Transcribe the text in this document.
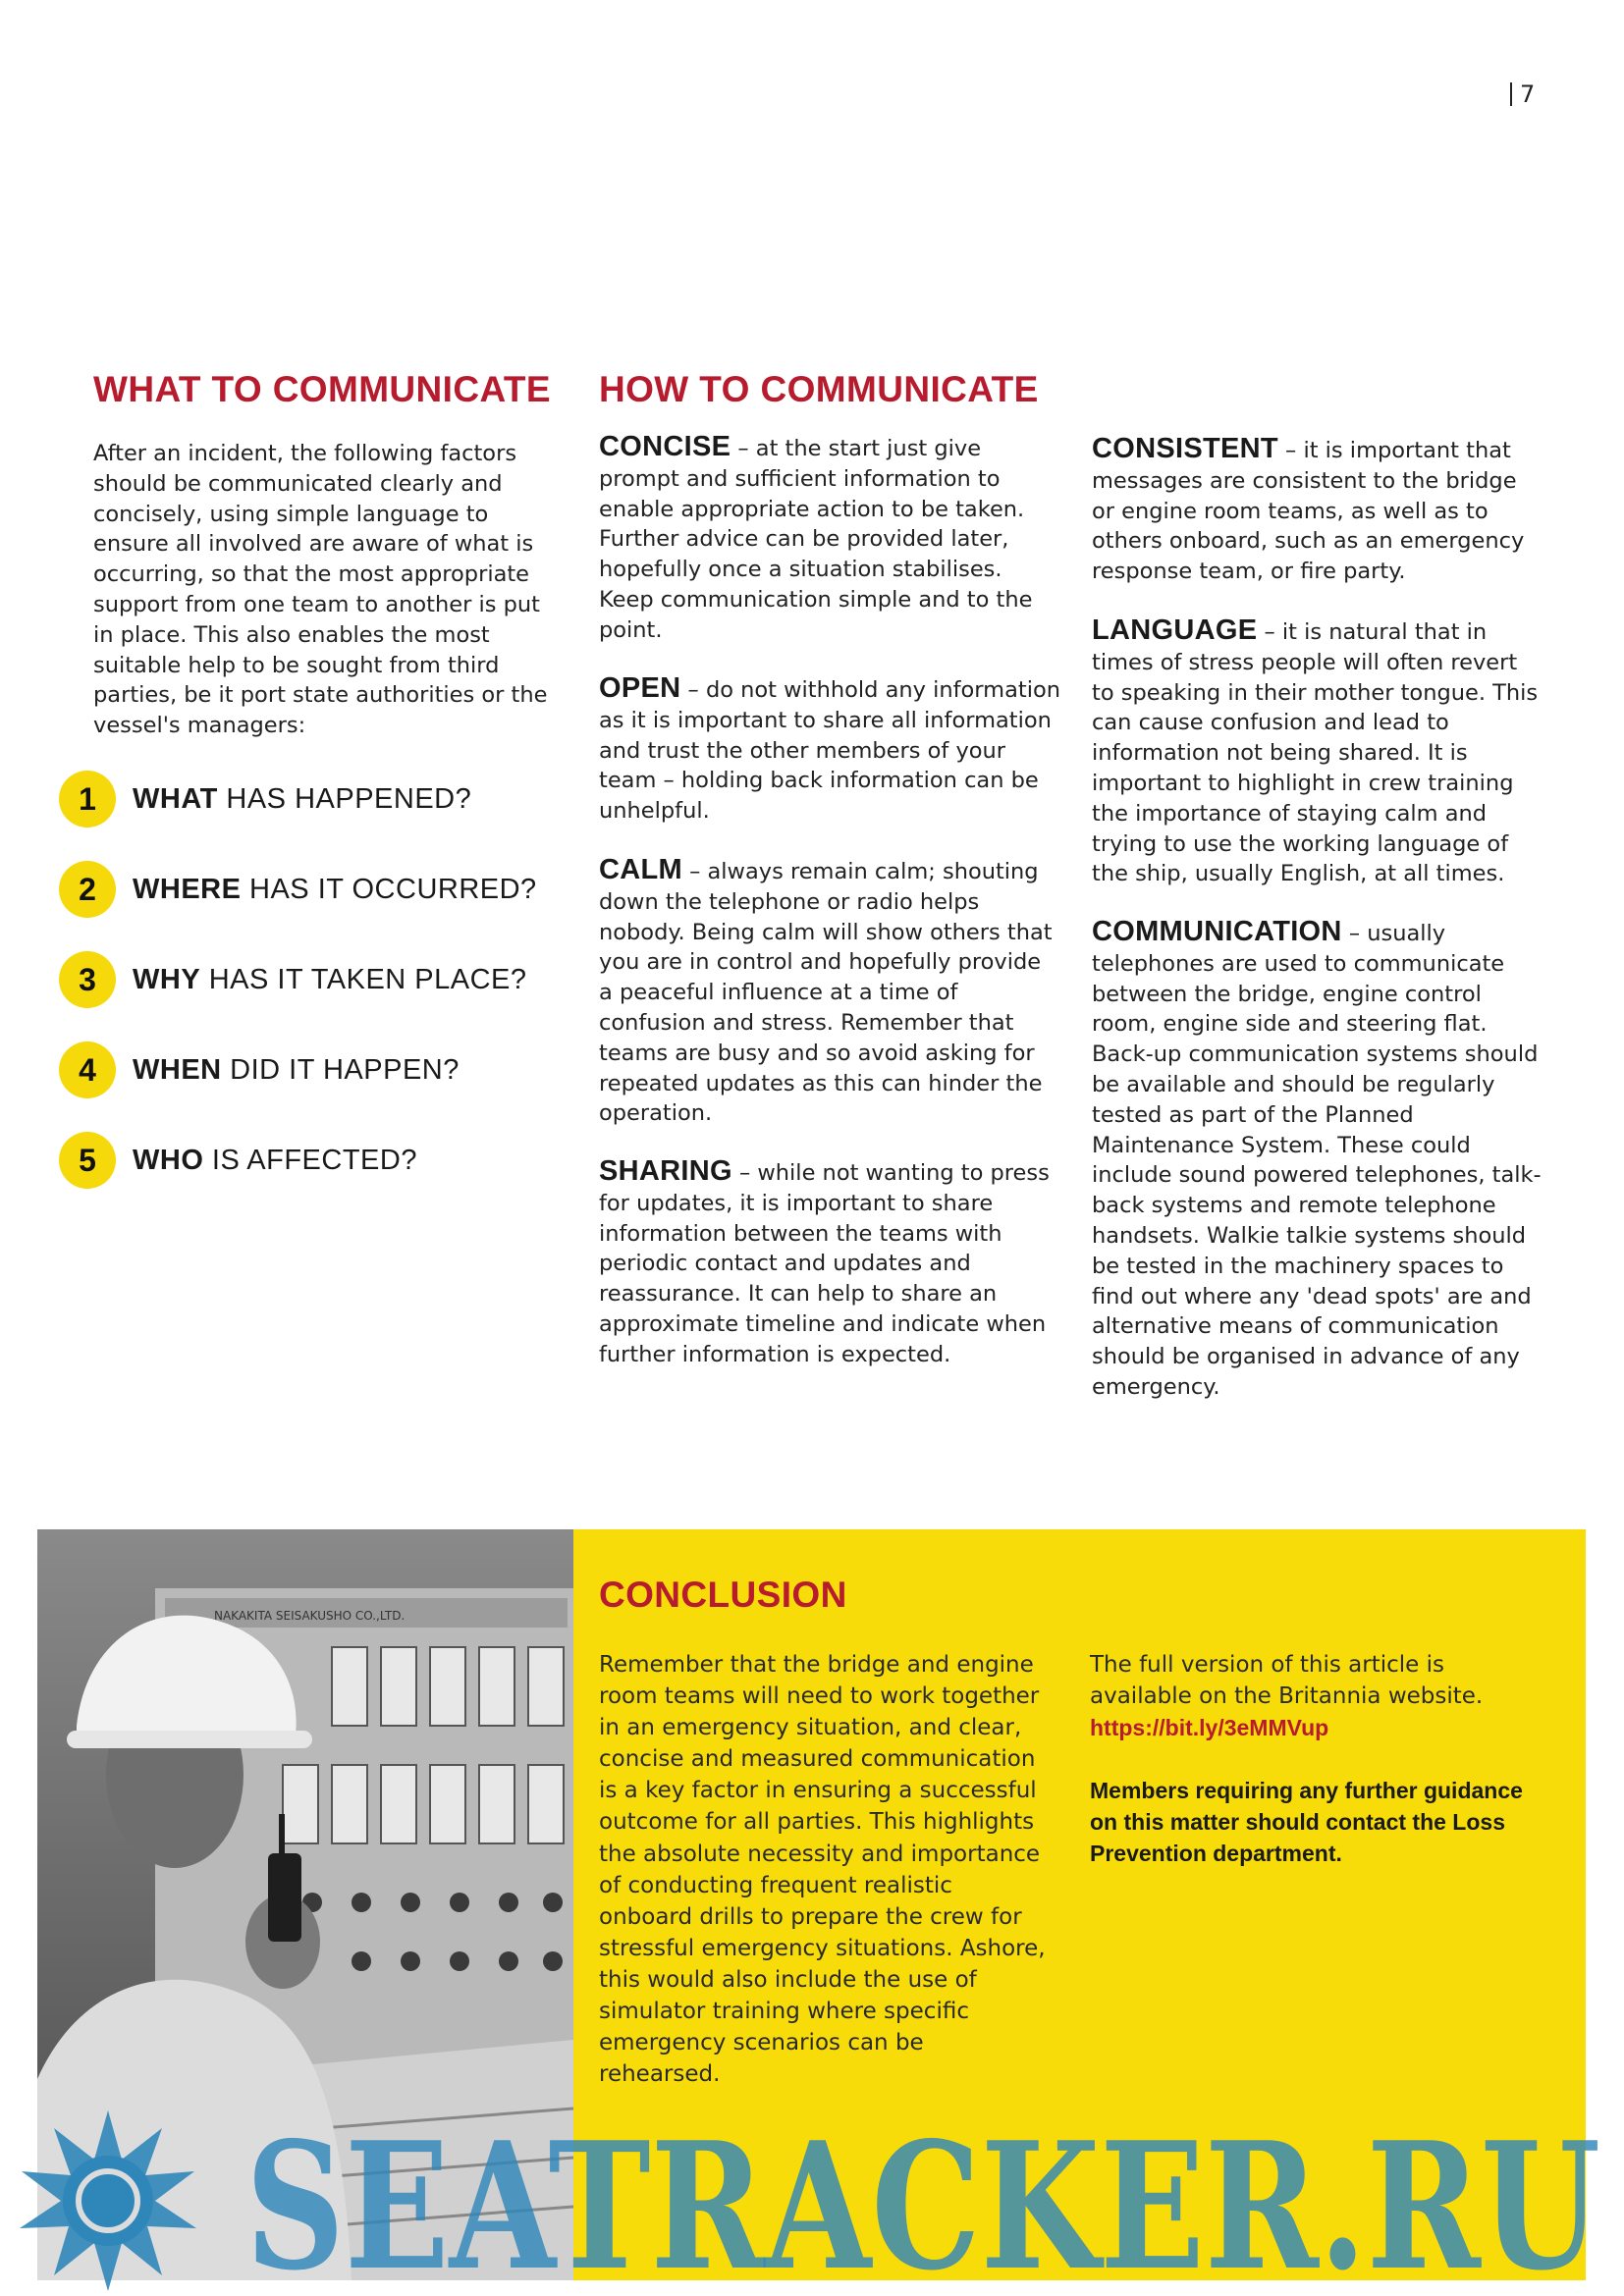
7
WHAT TO COMMUNICATE

After an incident, the following factors should be communicated clearly and concisely, using simple language to ensure all involved are aware of what is occurring, so that the most appropriate support from one team to another is put in place. This also enables the most suitable help to be sought from third parties, be it port state authorities or the vessel's managers:

1	WHAT HAS HAPPENED?
2	WHERE HAS IT OCCURRED?
3	WHY HAS IT TAKEN PLACE?
4	WHEN DID IT HAPPEN?
5	WHO IS AFFECTED?
HOW TO COMMUNICATE

CONCISE – at the start just give prompt and sufficient information to enable appropriate action to be taken. Further advice can be provided later, hopefully once a situation stabilises. Keep communication simple and to the point.

OPEN – do not withhold any information as it is important to share all information and trust the other members of your team – holding back information can be unhelpful.

CALM – always remain calm; shouting down the telephone or radio helps nobody. Being calm will show others that you are in control and hopefully provide a peaceful influence at a time of confusion and stress. Remember that teams are busy and so avoid asking for repeated updates as this can hinder the operation.

SHARING – while not wanting to press for updates, it is important to share information between the teams with periodic contact and updates and reassurance. It can help to share an approximate timeline and indicate when further information is expected.

CONSISTENT – it is important that messages are consistent to the bridge or engine room teams, as well as to others onboard, such as an emergency response team, or fire party.

LANGUAGE – it is natural that in times of stress people will often revert to speaking in their mother tongue. This can cause confusion and lead to information not being shared. It is important to highlight in crew training the importance of staying calm and trying to use the working language of the ship, usually English, at all times.

COMMUNICATION – usually telephones are used to communicate between the bridge, engine control room, engine side and steering flat. Back-up communication systems should be available and should be regularly tested as part of the Planned Maintenance System. These could include sound powered telephones, talk-back systems and remote telephone handsets. Walkie talkie systems should be tested in the machinery spaces to find out where any 'dead spots' are and alternative means of communication should be organised in advance of any emergency.

NAKAKITA SEISAKUSHO CO.,LTD.
CONCLUSION

Remember that the bridge and engine room teams will need to work together in an emergency situation, and clear, concise and measured communication is a key factor in ensuring a successful outcome for all parties. This highlights the absolute necessity and importance of conducting frequent realistic onboard drills to prepare the crew for stressful emergency situations. Ashore, this would also include the use of simulator training where specific emergency scenarios can be rehearsed.

The full version of this article is available on the Britannia website.
https://bit.ly/3eMMVup

Members requiring any further guidance on this matter should contact the Loss Prevention department.

SEATRACKER.RU
